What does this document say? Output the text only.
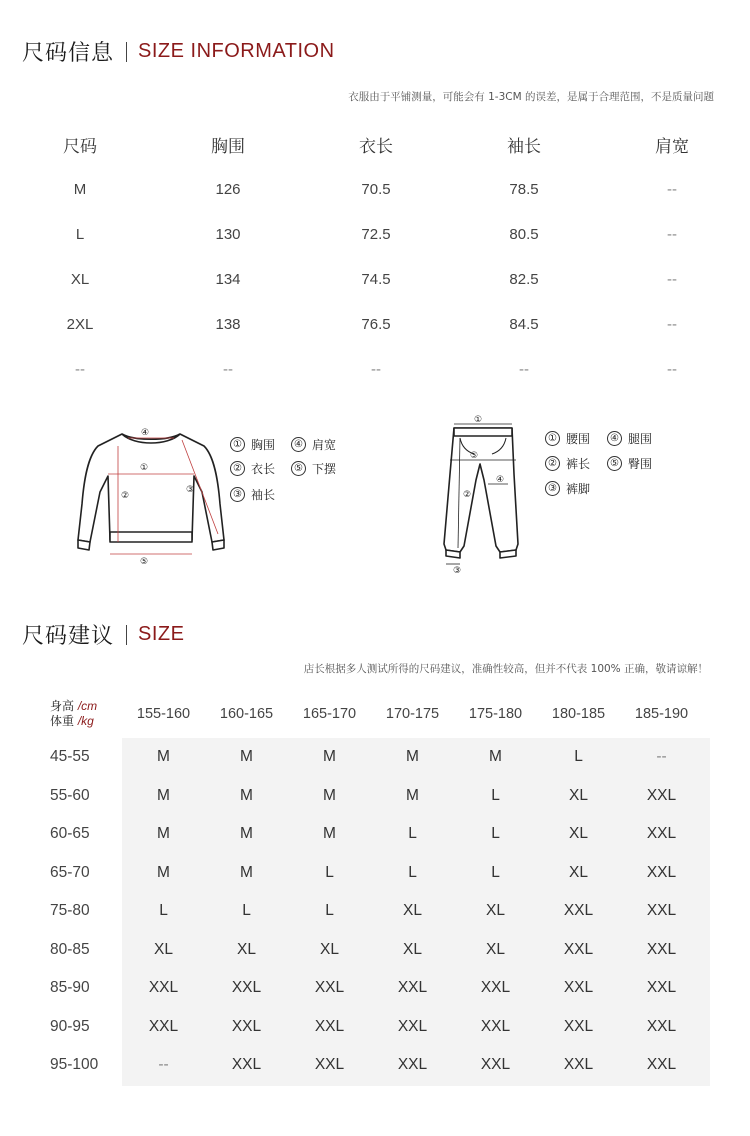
尺码信息 SIZE INFORMATION
衣服由于平铺测量，可能会有 1-3CM 的误差，是属于合理范围，不是质量问题
尺码	胸围	衣长	袖长	肩宽
M	126	70.5	78.5	--
L	130	72.5	80.5	--
XL	134	74.5	82.5	--
2XL	138	76.5	84.5	--
--	--	--	--	--
④
①
②
③
⑤
① 胸围	④ 肩宽
② 衣长	⑤ 下摆
③ 袖长
①
⑤
④
②
③
① 腰围	④ 腿围
② 裤长	⑤ 臀围
③ 裤脚
尺码建议 SIZE
店长根据多人测试所得的尺码建议，准确性较高，但并不代表 100% 正确，敬请谅解！
身高 /cm
体重 /kg	155-160	160-165	165-170	170-175	175-180	180-185	185-190
45-55	M	M	M	M	M	L	--
55-60	M	M	M	M	L	XL	XXL
60-65	M	M	M	L	L	XL	XXL
65-70	M	M	L	L	L	XL	XXL
75-80	L	L	L	XL	XL	XXL	XXL
80-85	XL	XL	XL	XL	XL	XXL	XXL
85-90	XXL	XXL	XXL	XXL	XXL	XXL	XXL
90-95	XXL	XXL	XXL	XXL	XXL	XXL	XXL
95-100	--	XXL	XXL	XXL	XXL	XXL	XXL
